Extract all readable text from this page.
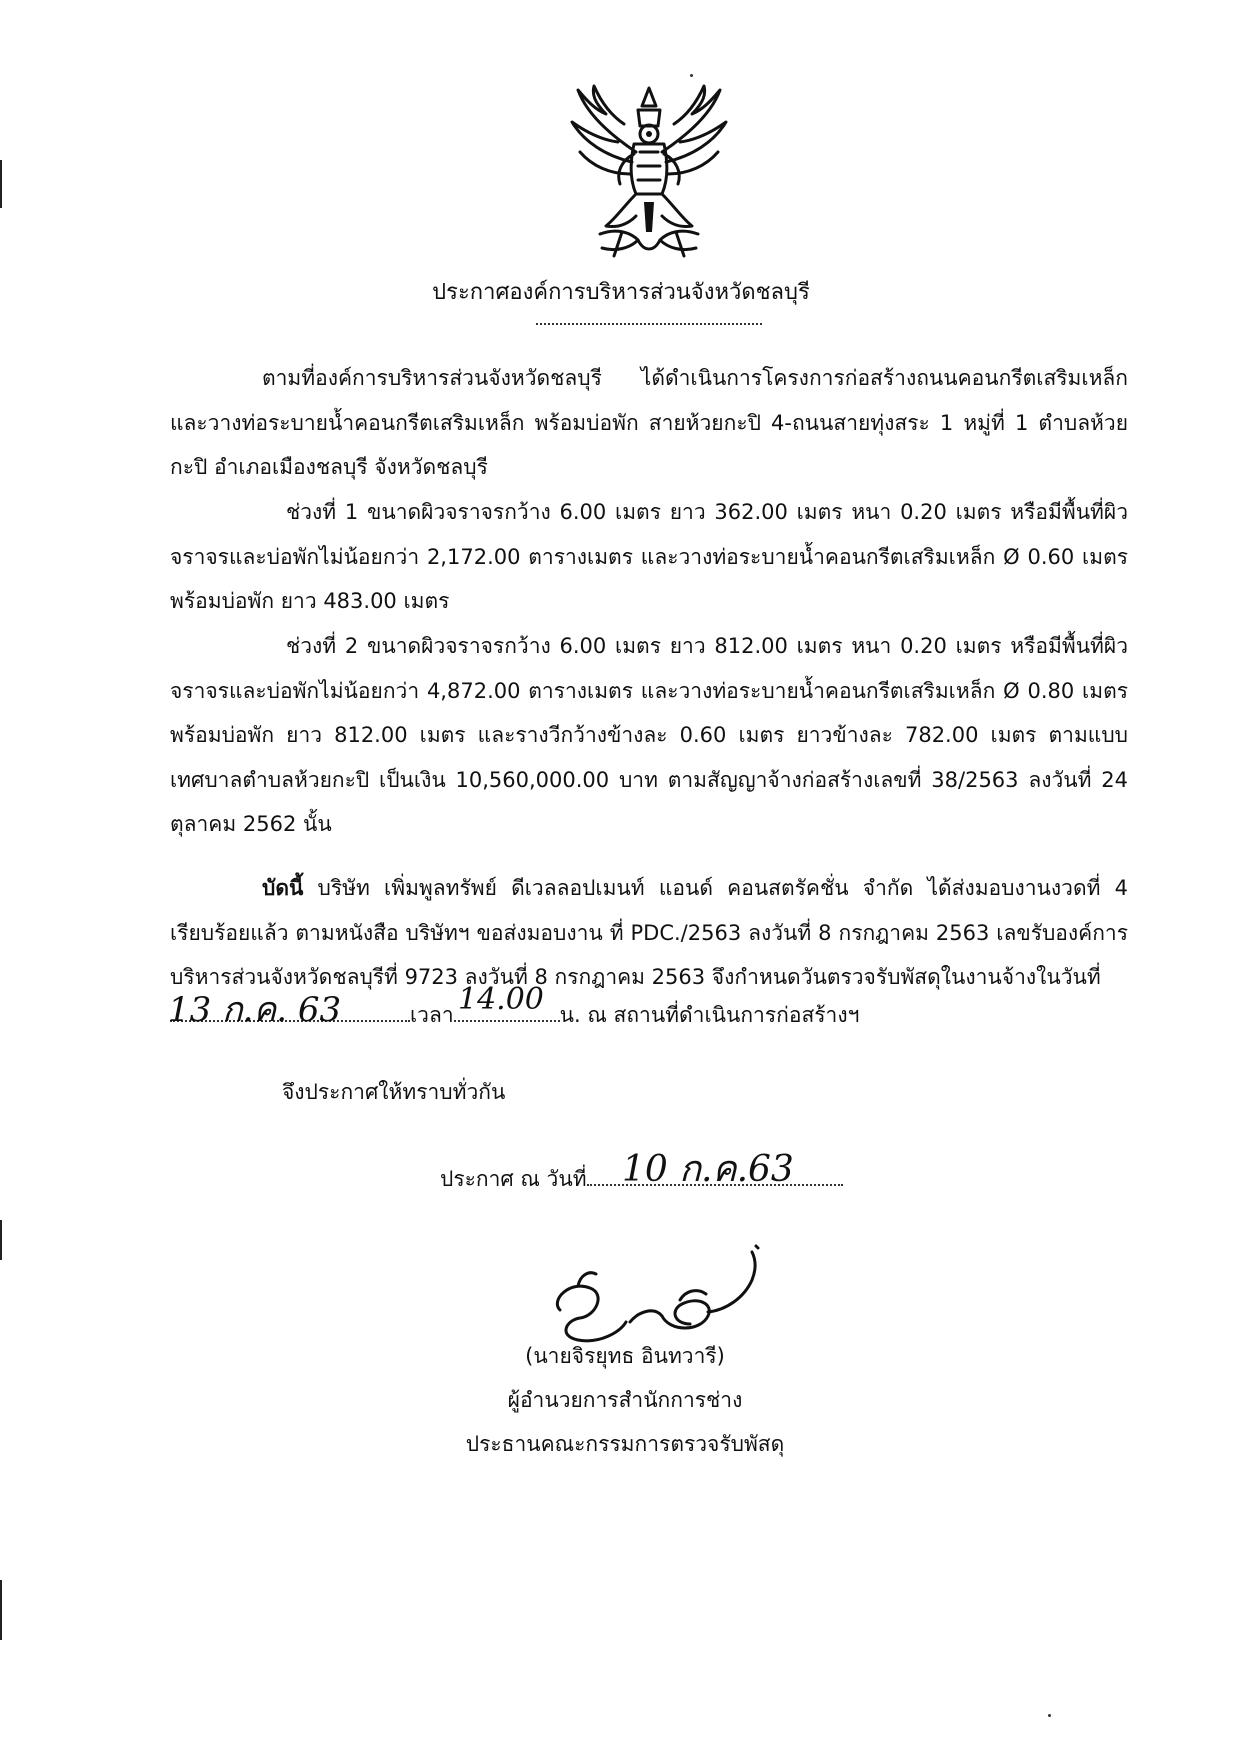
ประกาศองค์การบริหารส่วนจังหวัดชลบุรี

ตามที่องค์การบริหารส่วนจังหวัดชลบุรี ได้ดำเนินการโครงการก่อสร้างถนนคอนกรีตเสริมเหล็กและวางท่อระบายน้ำคอนกรีตเสริมเหล็ก พร้อมบ่อพัก สายห้วยกะปิ 4-ถนนสายทุ่งสระ 1 หมู่ที่ 1 ตำบลห้วยกะปิ อำเภอเมืองชลบุรี จังหวัดชลบุรี

ช่วงที่ 1 ขนาดผิวจราจรกว้าง 6.00 เมตร ยาว 362.00 เมตร หนา 0.20 เมตร หรือมีพื้นที่ผิวจราจรและบ่อพักไม่น้อยกว่า 2,172.00 ตารางเมตร และวางท่อระบายน้ำคอนกรีตเสริมเหล็ก Ø 0.60 เมตร พร้อมบ่อพัก ยาว 483.00 เมตร

ช่วงที่ 2 ขนาดผิวจราจรกว้าง 6.00 เมตร ยาว 812.00 เมตร หนา 0.20 เมตร หรือมีพื้นที่ผิวจราจรและบ่อพักไม่น้อยกว่า 4,872.00 ตารางเมตร และวางท่อระบายน้ำคอนกรีตเสริมเหล็ก Ø 0.80 เมตร พร้อมบ่อพัก ยาว 812.00 เมตร และรางวีกว้างข้างละ 0.60 เมตร ยาวข้างละ 782.00 เมตร ตามแบบเทศบาลตำบลห้วยกะปิ เป็นเงิน 10,560,000.00 บาท ตามสัญญาจ้างก่อสร้างเลขที่ 38/2563 ลงวันที่ 24 ตุลาคม 2562 นั้น

บัดนี้ บริษัท เพิ่มพูลทรัพย์ ดีเวลลอปเมนท์ แอนด์ คอนสตรัคชั่น จำกัด ได้ส่งมอบงานงวดที่ 4 เรียบร้อยแล้ว ตามหนังสือ บริษัทฯ ขอส่งมอบงาน ที่ PDC./2563 ลงวันที่ 8 กรกฎาคม 2563 เลขรับองค์การบริหารส่วนจังหวัดชลบุรีที่ 9723 ลงวันที่ 8 กรกฎาคม 2563 จึงกำหนดวันตรวจรับพัสดุในงานจ้างในวันที่

เวลา	น. ณ สถานที่ดำเนินการก่อสร้างฯ
13 ก.ค. 63	14.00
จึงประกาศให้ทราบทั่วกัน
ประกาศ ณ วันที่ 10 ก.ค.63
(นายจิรยุทธ อินทวารี)
ผู้อำนวยการสำนักการช่าง
ประธานคณะกรรมการตรวจรับพัสดุ
